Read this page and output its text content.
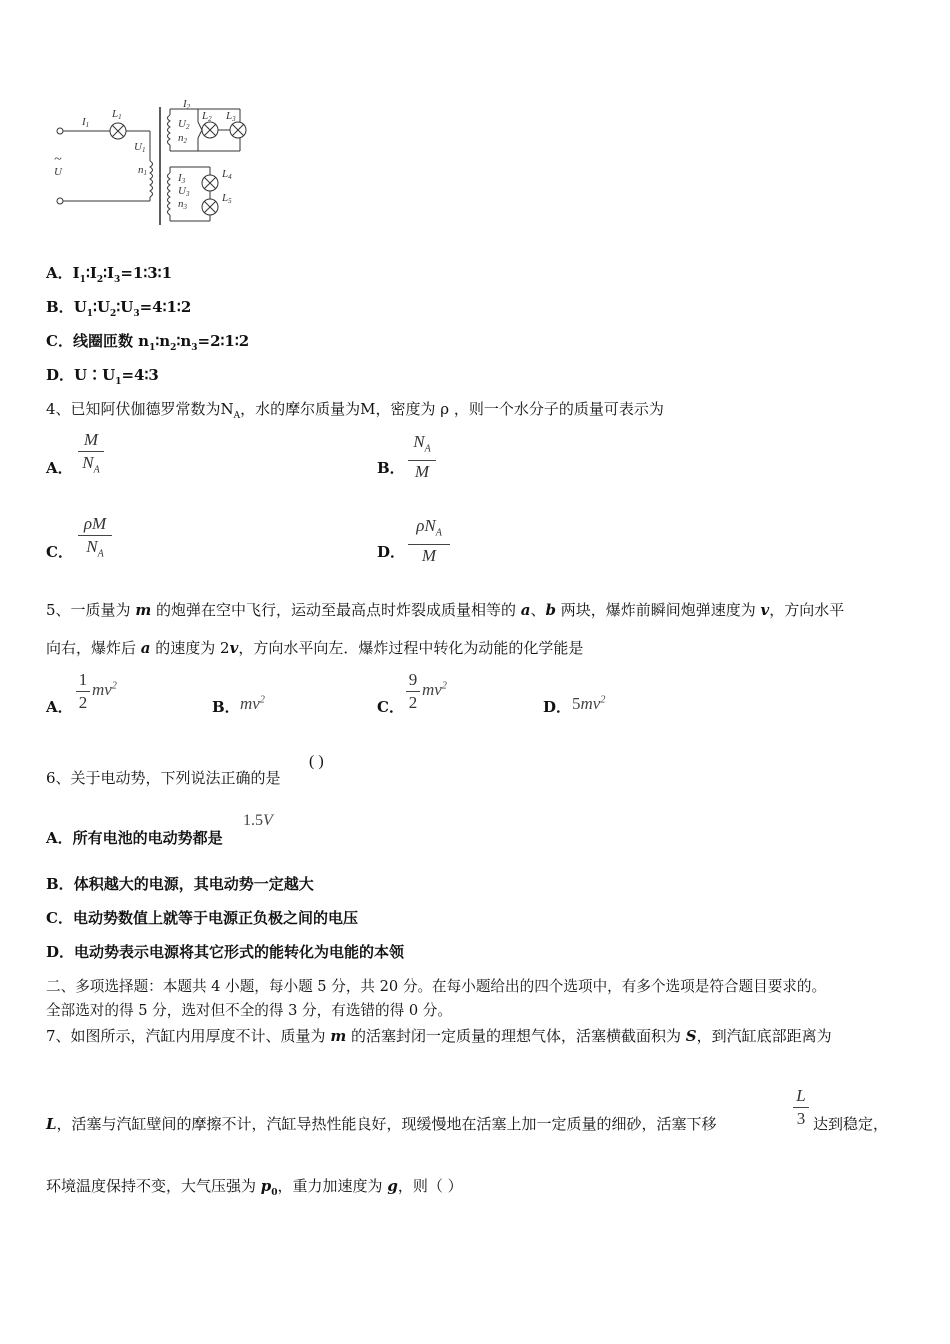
I1
L1
U1
n1
~
U
I2
U2
n2
L2 L3
I3
U3
n3
L4
L5
A．$I_1∶I_2∶I_3=1∶3∶1$
B．$U_1∶U_2∶U_3=4∶1∶2$
C．线圈匝数 $n_1∶n_2∶n_3=2∶1∶2$
D．$U∶U_1=4∶3$
4、已知阿伏伽德罗常数为$N_A$，水的摩尔质量为M，密度为 ρ ，则一个水分子的质量可表示为
A．
M
$N_A$	B．
$N_A$
M
C．
ρM
$N_A$	D．
$\rho N_A$
M
5、一质量为 m 的炮弹在空中飞行，运动至最高点时炸裂成质量相等的 a、b 两块，爆炸前瞬间炮弹速度为 v，方向水平
向右，爆炸后 a 的速度为 2v，方向水平向左．爆炸过程中转化为动能的化学能是
A．
1
2
$mv^2$
B． $mv^2$	C．
9
2
$mv^2$
D． $5mv^2$
6、关于电动势，下列说法正确的是
( )
A．所有电池的电动势都是
1.5V
B．体积越大的电源，其电动势一定越大
C．电动势数值上就等于电源正负极之间的电压
D．电动势表示电源将其它形式的能转化为电能的本领
二、多项选择题：本题共 4 小题，每小题 5 分，共 20 分。在每小题给出的四个选项中，有多个选项是符合题目要求的。
全部选对的得 5 分，选对但不全的得 3 分，有选错的得 0 分。
7、如图所示，汽缸内用厚度不计、质量为 m 的活塞封闭一定质量的理想气体，活塞横截面积为 S，到汽缸底部距离为
L，活塞与汽缸壁间的摩擦不计，汽缸导热性能良好，现缓慢地在活塞上加一定质量的细砂，活塞下移
L
3 达到稳定，
环境温度保持不变，大气压强为 $p_0$，重力加速度为 g，则（ ）
